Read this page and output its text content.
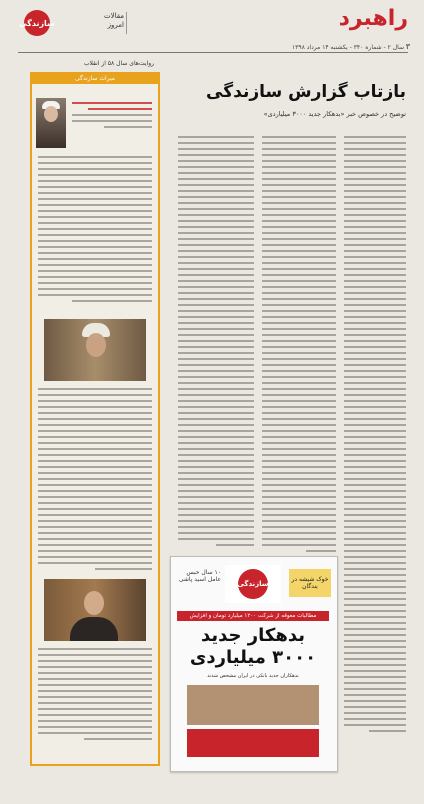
سازندگی
مقالات امروز	راهبرد
سال ۲ - شماره ۳۴۰ - یکشنبه ۱۴ مرداد ۱۳۹۸ ۳
روایت‌های سال ۵۸ از انقلاب
میراث سازندگی
بازتاب گزارش سازندگی
توضیح در خصوص خبر «بدهکار جدید ۳۰۰۰ میلیاردی»
۱۰ سال حبس عامل اسید پاشی
سازندگی
خوک شیشه در بندگان
مطالبات معوقه از شرکت ۱۲۰۰ میلیارد تومان و افزایش
بدهکار جدید ۳۰۰۰ میلیاردی
بدهکاران جدید بانکی در ایران مشخص شدند
